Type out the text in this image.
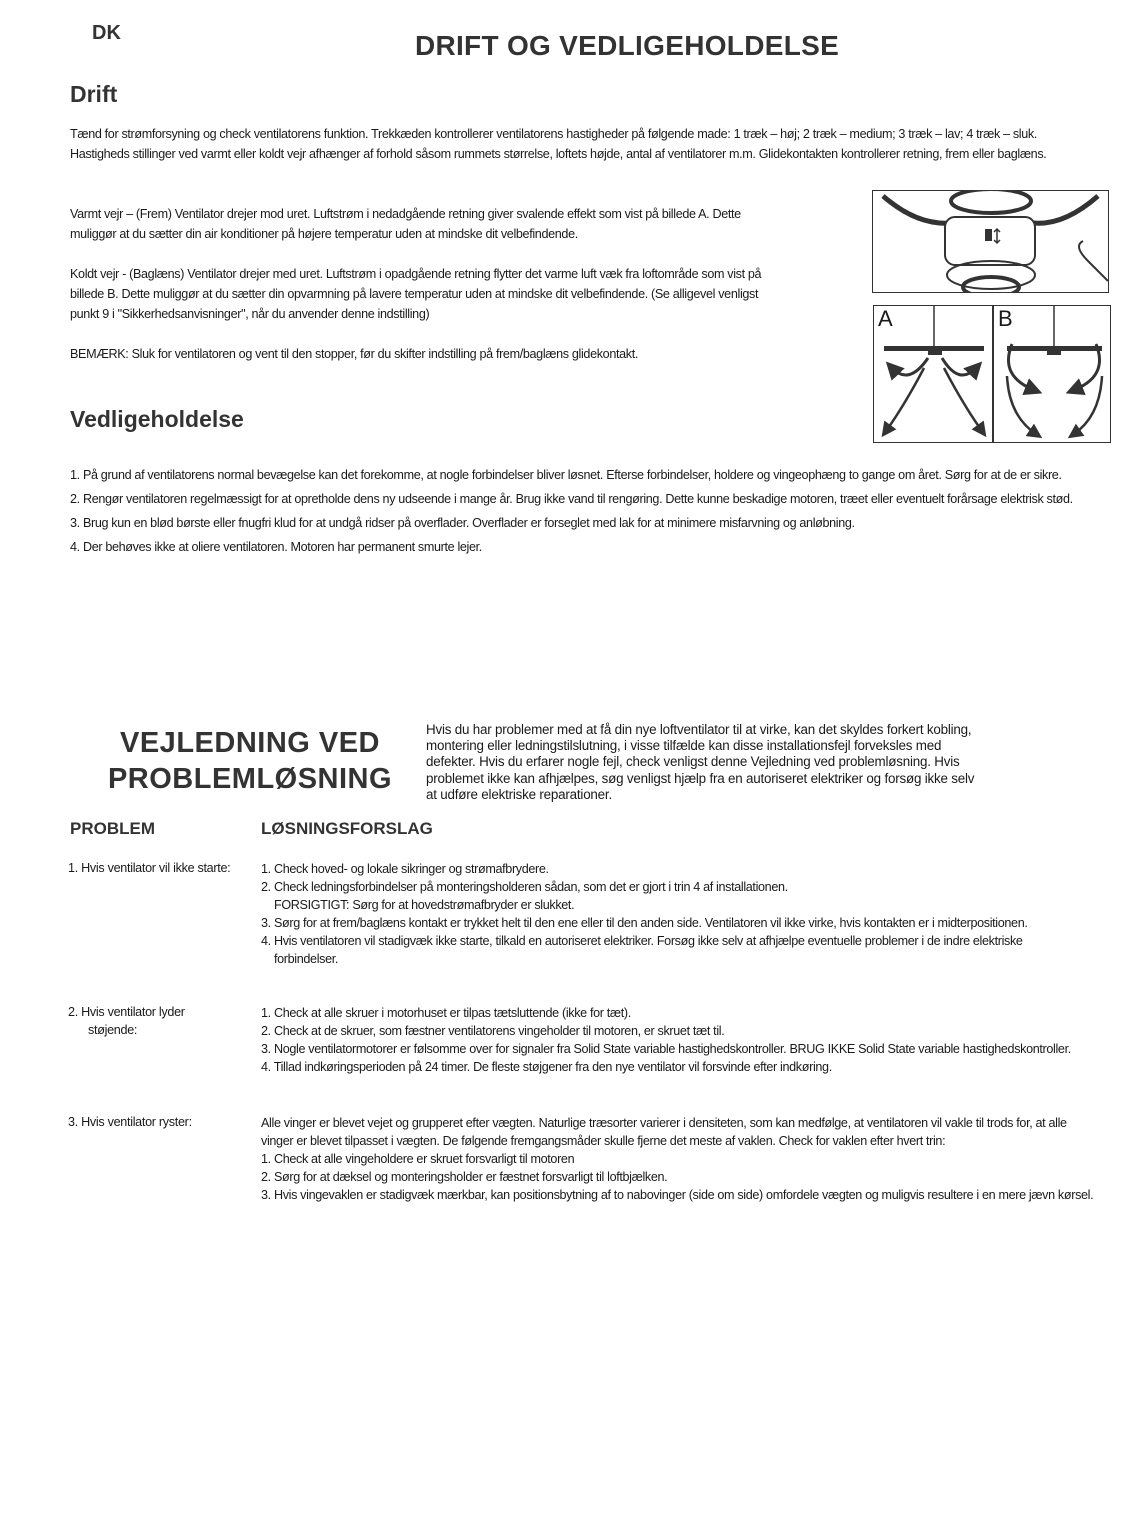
DK	DRIFT OG VEDLIGEHOLDELSE
Drift

Tænd for strømforsyning og check ventilatorens funktion. Trekkæden kontrollerer ventilatorens hastigheder på følgende made: 1 træk – høj; 2 træk – medium; 3 træk – lav; 4 træk – sluk. Hastigheds stillinger ved varmt eller koldt vejr afhænger af forhold såsom rummets størrelse, loftets højde, antal af ventilatorer m.m. Glidekontakten kontrollerer retning, frem eller baglæns.

Varmt vejr – (Frem) Ventilator drejer mod uret. Luftstrøm i nedadgående retning giver svalende effekt som vist på billede A. Dette muliggør at du sætter din air konditioner på højere temperatur uden at mindske dit velbefindende.

Koldt vejr - (Baglæns) Ventilator drejer med uret. Luftstrøm i opadgående retning flytter det varme luft væk fra loftområde som vist på billede B. Dette muliggør at du sætter din opvarmning på lavere temperatur uden at mindske dit velbefindende. (Se alligevel venligst punkt 9 i "Sikkerhedsanvisninger", når du anvender denne indstilling)

BEMÆRK: Sluk for ventilatoren og vent til den stopper, før du skifter indstilling på frem/baglæns glidekontakt.

A	B
Vedligeholdelse
1. På grund af ventilatorens normal bevægelse kan det forekomme, at nogle forbindelser bliver løsnet. Efterse forbindelser, holdere og vingeophæng to gange om året. Sørg for at de er sikre.
2. Rengør ventilatoren regelmæssigt for at opretholde dens ny udseende i mange år. Brug ikke vand til rengøring. Dette kunne beskadige motoren, træet eller eventuelt forårsage elektrisk stød.
3. Brug kun en blød børste eller fnugfri klud for at undgå ridser på overflader. Overflader er forseglet med lak for at minimere misfarvning og anløbning.
4. Der behøves ikke at oliere ventilatoren. Motoren har permanent smurte lejer.
VEJLEDNING VED
PROBLEMLØSNING
Hvis du har problemer med at få din nye loftventilator til at virke, kan det skyldes forkert kobling, montering eller ledningstilslutning, i visse tilfælde kan disse installationsfejl forveksles med defekter. Hvis du erfarer nogle fejl, check venligst denne Vejledning ved problemløsning. Hvis problemet ikke kan afhjælpes, søg venligst hjælp fra en autoriseret elektriker og forsøg ikke selv at udføre elektriske reparationer.
PROBLEM	LØSNINGSFORSLAG
1. Hvis ventilator vil ikke starte:	1. Check hoved- og lokale sikringer og strømafbrydere.
2. Check ledningsforbindelser på monteringsholderen sådan, som det er gjort i trin 4 af installationen.
FORSIGTIGT: Sørg for at hovedstrømafbryder er slukket.
3. Sørg for at frem/baglæns kontakt er trykket helt til den ene eller til den anden side. Ventilatoren vil ikke virke, hvis kontakten er i midterpositionen.
4. Hvis ventilatoren vil stadigvæk ikke starte, tilkald en autoriseret elektriker. Forsøg ikke selv at afhjælpe eventuelle problemer i de indre elektriske forbindelser.
2. Hvis ventilator lyder støjende:
1. Check at alle skruer i motorhuset er tilpas tætsluttende (ikke for tæt).
2. Check at de skruer, som fæstner ventilatorens vingeholder til motoren, er skruet tæt til.
3. Nogle ventilatormotorer er følsomme over for signaler fra Solid State variable hastighedskontroller. BRUG IKKE Solid State variable hastighedskontroller.
4. Tillad indkøringsperioden på 24 timer. De fleste støjgener fra den nye ventilator vil forsvinde efter indkøring.
3. Hvis ventilator ryster:	Alle vinger er blevet vejet og grupperet efter vægten. Naturlige træsorter varierer i densiteten, som kan medfølge, at ventilatoren vil vakle til trods for, at alle vinger er blevet tilpasset i vægten. De følgende fremgangsmåder skulle fjerne det meste af vaklen. Check for vaklen efter hvert trin:
1. Check at alle vingeholdere er skruet forsvarligt til motoren
2. Sørg for at dæksel og monteringsholder er fæstnet forsvarligt til loftbjælken.
3. Hvis vingevaklen er stadigvæk mærkbar, kan positionsbytning af to nabovinger (side om side) omfordele vægten og muligvis resultere i en mere jævn kørsel.
